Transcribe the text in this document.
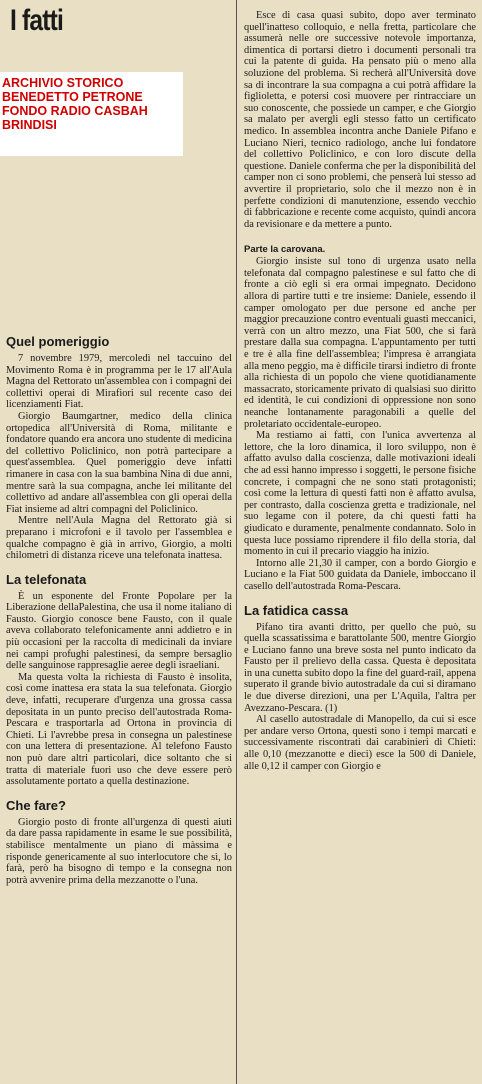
I fatti
ARCHIVIO STORICO
BENEDETTO PETRONE
FONDO RADIO CASBAH
BRINDISI
Quel pomeriggio

7 novembre 1979, mercoledì nel taccuino del Movimento Roma è in programma per le 17 all'Aula Magna del Rettorato un'assemblea con i compagni dei collettivi operai di Mirafiori sul recente caso dei licenziamenti Fiat.

Giorgio Baumgartner, medico della clinica ortopedica all'Università di Roma, militante e fondatore quando era ancora uno studente di medicina del collettivo Policlinico, non potrà partecipare a quest'assemblea. Quel pomeriggio deve infatti rimanere in casa con la sua bambina Nina di due anni, mentre sarà la sua compagna, anche lei militante del collettivo ad andare all'assemblea con gli operai della Fiat insieme ad altri compagni del Policlinico.

Mentre nell'Aula Magna del Rettorato già si preparano i microfoni e il tavolo per l'assemblea e qualche compagno è già in arrivo, Giorgio, a molti chilometri di distanza riceve una telefonata inattesa.

La telefonata

È un esponente del Fronte Popolare per la Liberazione dellaPalestina, che usa il nome italiano di Fausto. Giorgio conosce bene Fausto, con il quale aveva collaborato telefonicamente anni addietro e in più occasioni per la raccolta di medicinali da inviare nei campi profughi palestinesi, da sempre bersaglio delle sanguinose rappresaglie aeree degli israeliani.

Ma questa volta la richiesta di Fausto è insolita, così come inattesa era stata la sua telefonata. Giorgio deve, infatti, recuperare d'urgenza una grossa cassa depositata in un punto preciso dell'autostrada Roma-Pescara e trasportarla ad Ortona in provincia di Chieti. Lì l'avrebbe presa in consegna un palestinese con una lettera di presentazione. Al telefono Fausto non può dare altri particolari, dice soltanto che si tratta di materiale fuori uso che deve essere però assolutamente portato a quella destinazione.

Che fare?

Giorgio posto di fronte all'urgenza di questi aiuti da dare passa rapidamente in esame le sue possibilità, stabilisce mentalmente un piano di màssima e risponde genericamente al suo interlocutore che sì, lo farà, però ha bisogno di tempo e la consegna non potrà avvenire prima della mezzanotte o l'una.

Esce di casa quasi subito, dopo aver terminato quell'inatteso colloquio, e nella fretta, particolare che assumerà nelle ore successive notevole importanza, dimentica di portarsi dietro i documenti personali tra cui la patente di guida. Ha pensato più o meno alla soluzione del problema. Si recherà all'Università dove sa di incontrare la sua compagna a cui potrà affidare la figlioletta, e potersi così muovere per rintracciare un suo conoscente, che possiede un camper, e che Giorgio sa malato per avergli egli stesso fatto un certificato medico. In assemblea incontra anche Daniele Pifano e Luciano Nieri, tecnico radiologo, anche lui fondatore del collettivo Policlinico, e con loro discute della questione. Daniele conferma che per la disponibilità del camper non ci sono problemi, che penserà lui stesso ad avvertire il proprietario, solo che il mezzo non è in perfette condizioni di manutenzione, essendo vecchio di fabbricazione e recente come acquisto, quindi ancora da revisionare e da mettere a punto.

Parte la carovana.

Giorgio insiste sul tono di urgenza usato nella telefonata dal compagno palestinese e sul fatto che di fronte a ciò egli si era ormai impegnato. Decidono allora di partire tutti e tre insieme: Daniele, essendo il camper omologato per due persone ed anche per maggior precauzione contro eventuali guasti meccanici, verrà con un altro mezzo, una Fiat 500, che si farà prestare dalla sua compagna. L'appuntamento per tutti e tre è alla fine dell'assemblea; l'impresa è arrangiata alla meno peggio, ma è difficile tirarsi indietro di fronte alla richiesta di un popolo che viene quotidianamente massacrato, storicamente privato di qualsiasi suo diritto ed identità, le cui condizioni di oppressione non sono neanche lontanamente paragonabili a quelle del proletariato occidentale-europeo.

Ma restiamo ai fatti, con l'unica avvertenza al lettore, che la loro dinamica, il loro sviluppo, non è affatto avulso dalla coscienza, dalle motivazioni ideali che ad essi hanno impresso i soggetti, le persone fisiche concrete, i compagni che ne sono stati protagonisti; così come la lettura di questi fatti non è affatto avulsa, per contrasto, dalla coscienza gretta e tradizionale, nel suo legame con il potere, da chi questi fatti ha giudicato e duramente, penalmente condannato. Solo in questa luce possiamo riprendere il filo della storia, dal momento in cui il precario viaggio ha inizio.

Intorno alle 21,30 il camper, con a bordo Giorgio e Luciano e la Fiat 500 guidata da Daniele, imboccano il casello dell'autostrada Roma-Pescara.

La fatidica cassa

Pifano tira avanti dritto, per quello che può, su quella scassatissima e barattolante 500, mentre Giorgio e Luciano fanno una breve sosta nel punto indicato da Fausto per il prelievo della cassa. Questa è depositata in una cunetta subito dopo la fine del guard-rail, appena superato il grande bivio autostradale da cui si diramano le due diverse direzioni, una per L'Aquila, l'altra per Avezzano-Pescara. (1)

Al casello autostradale di Manopello, da cui si esce per andare verso Ortona, questi sono i tempi marcati e successivamente riscontrati dai carabinieri di Chieti: alle 0,10 (mezzanotte e dieci) esce la 500 di Daniele, alle 0,12 il camper con Giorgio e
